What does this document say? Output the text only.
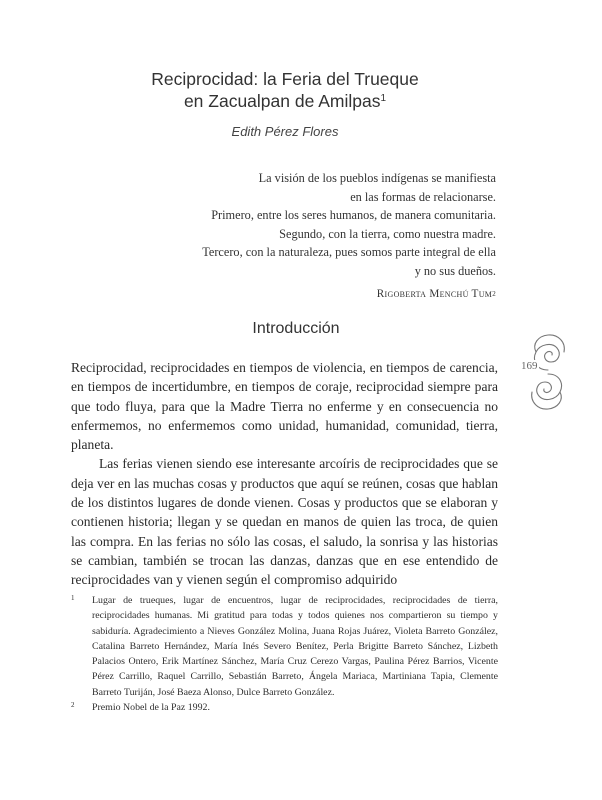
Reciprocidad: la Feria del Trueque
en Zacualpan de Amilpas$^1$
Edith Pérez Flores
La visión de los pueblos indígenas se manifiesta
en las formas de relacionarse.
Primero, entre los seres humanos, de manera comunitaria.
Segundo, con la tierra, como nuestra madre.
Tercero, con la naturaleza, pues somos parte integral de ella
y no sus dueños.
Rigoberta Menchú Tum$^2$
Introducción
169

Reciprocidad, reciprocidades en tiempos de violencia, en tiempos de carencia, en tiempos de incertidumbre, en tiempos de coraje, reciprocidad siempre para que todo fluya, para que la Madre Tierra no enferme y en consecuencia no enfermemos, no enfermemos como unidad, humanidad, comunidad, tierra, planeta.

Las ferias vienen siendo ese interesante arcoíris de reciprocidades que se deja ver en las muchas cosas y productos que aquí se reúnen, cosas que hablan de los distintos lugares de donde vienen. Cosas y productos que se elaboran y contienen historia; llegan y se quedan en manos de quien las troca, de quien las compra. En las ferias no sólo las cosas, el saludo, la sonrisa y las historias se cambian, también se trocan las danzas, danzas que en ese entendido de reciprocidades van y vienen según el compromiso adquirido

1 Lugar de trueques, lugar de encuentros, lugar de reciprocidades, reciprocidades de tierra, reciprocidades humanas. Mi gratitud para todas y todos quienes nos compartieron su tiempo y sabiduría. Agradecimiento a Nieves González Molina, Juana Rojas Juárez, Violeta Barreto González, Catalina Barreto Hernández, María Inés Severo Benítez, Perla Brigitte Barreto Sánchez, Lizbeth Palacios Ontero, Erik Martínez Sánchez, María Cruz Cerezo Vargas, Paulina Pérez Barrios, Vicente Pérez Carrillo, Raquel Carrillo, Sebastián Barreto, Ángela Mariaca, Martiniana Tapia, Clemente Barreto Turiján, José Baeza Alonso, Dulce Barreto González.
2 Premio Nobel de la Paz 1992.
